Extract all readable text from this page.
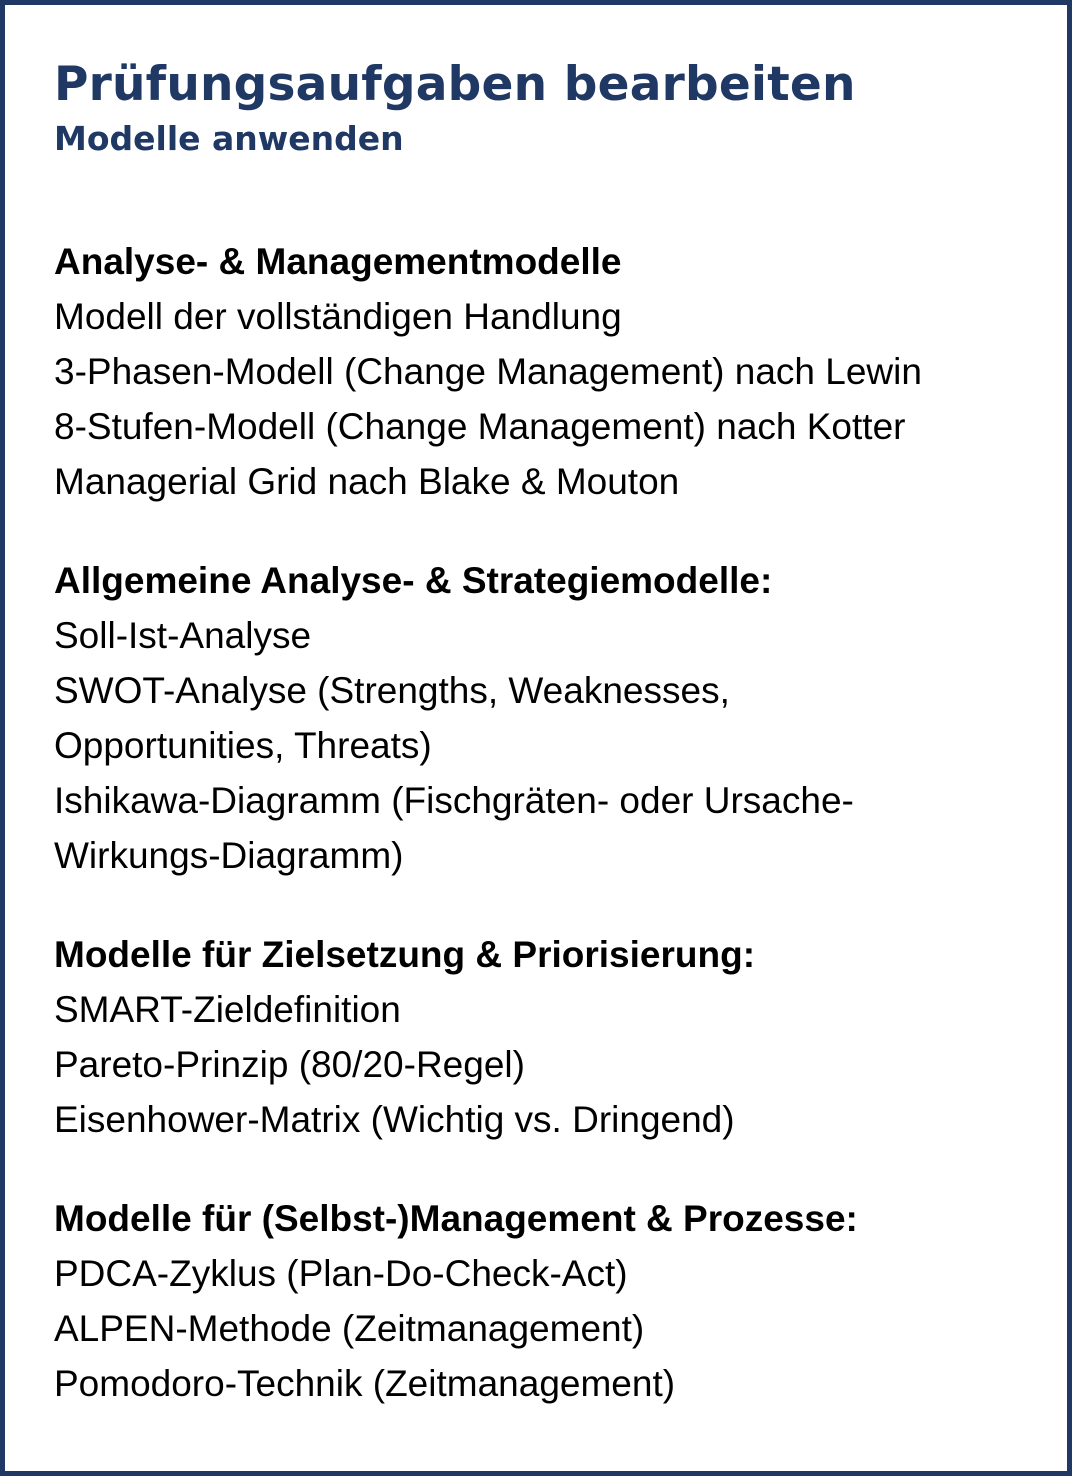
Prüfungsaufgaben bearbeiten
Modelle anwenden

Analyse- & Managementmodelle

Modell der vollständigen Handlung

3-Phasen-Modell (Change Management) nach Lewin

8-Stufen-Modell (Change Management) nach Kotter

Managerial Grid nach Blake & Mouton

Allgemeine Analyse- & Strategiemodelle:

Soll-Ist-Analyse

SWOT-Analyse (Strengths, Weaknesses,

Opportunities, Threats)

Ishikawa-Diagramm (Fischgräten- oder Ursache-

Wirkungs-Diagramm)

Modelle für Zielsetzung & Priorisierung:

SMART-Zieldefinition

Pareto-Prinzip (80/20-Regel)

Eisenhower-Matrix (Wichtig vs. Dringend)

Modelle für (Selbst-)Management & Prozesse:

PDCA-Zyklus (Plan-Do-Check-Act)

ALPEN-Methode (Zeitmanagement)

Pomodoro-Technik (Zeitmanagement)
